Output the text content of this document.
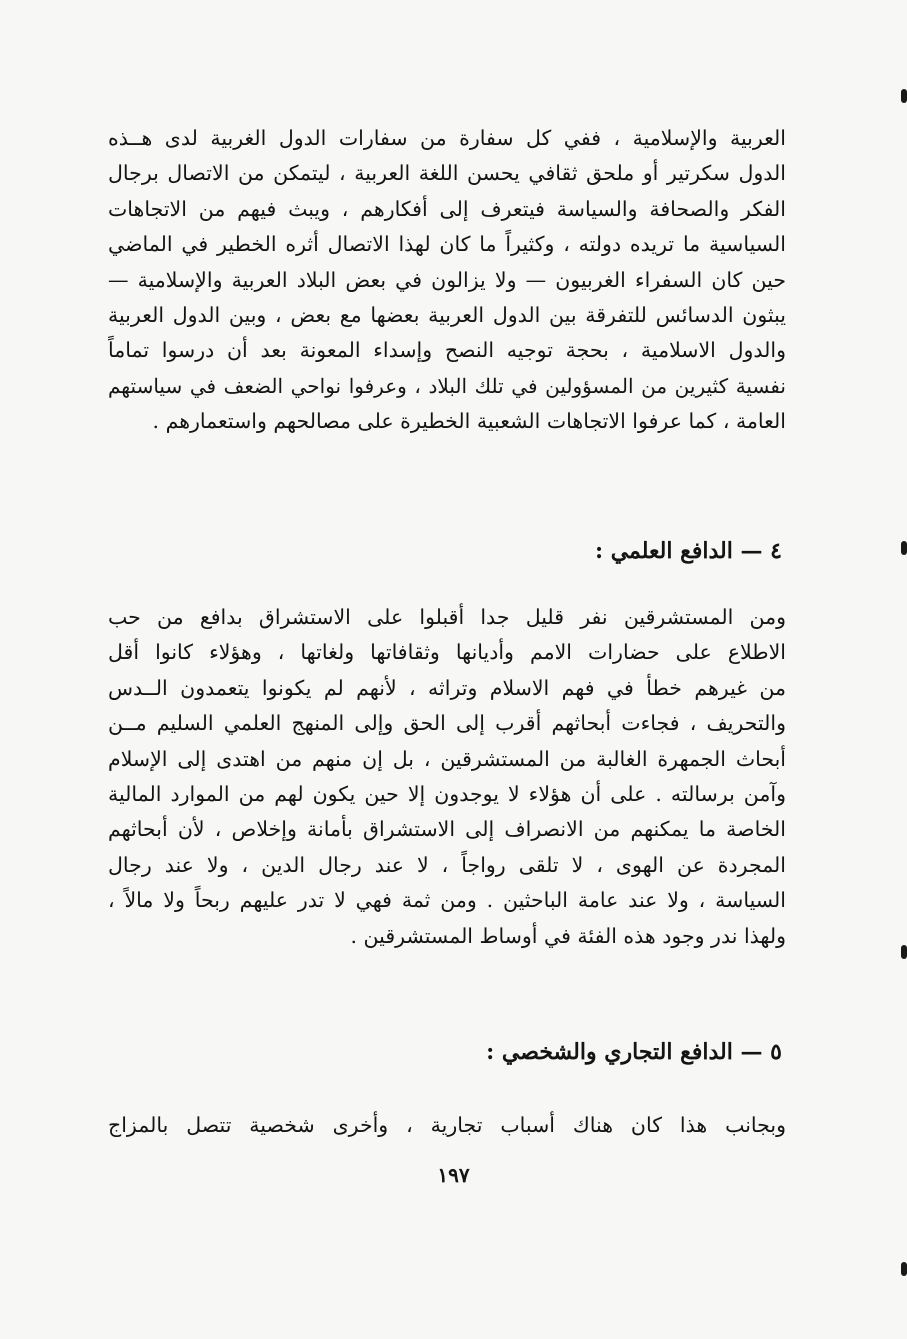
العربية والإسلامية ، ففي كل سفارة من سفارات الدول الغربية لدى هــذه
الدول سكرتير أو ملحق ثقافي يحسن اللغة العربية ، ليتمكن من الاتصال برجال
الفكر والصحافة والسياسة فيتعرف إلى أفكارهم ، ويبث فيهم من الاتجاهات
السياسية ما تريده دولته ، وكثيراً ما كان لهذا الاتصال أثره الخطير في الماضي
حين كان السفراء الغربيون — ولا يزالون في بعض البلاد العربية والإسلامية —
يبثون الدسائس للتفرقة بين الدول العربية بعضها مع بعض ، وبين الدول العربية
والدول الاسلامية ، بحجة توجيه النصح وإسداء المعونة بعد أن درسوا تماماً
نفسية كثيرين من المسؤولين في تلك البلاد ، وعرفوا نواحي الضعف في سياستهم
العامة ، كما عرفوا الاتجاهات الشعبية الخطيرة على مصالحهم واستعمارهم .
٤ — الدافع العلمي :
ومن المستشرقين نفر قليل جدا أقبلوا على الاستشراق بدافع من حب
الاطلاع على حضارات الامم وأديانها وثقافاتها ولغاتها ، وهؤلاء كانوا أقل
من غيرهم خطأ في فهم الاسلام وتراثه ، لأنهم لم يكونوا يتعمدون الــدس
والتحريف ، فجاءت أبحاثهم أقرب إلى الحق وإلى المنهج العلمي السليم مــن
أبحاث الجمهرة الغالبة من المستشرقين ، بل إن منهم من اهتدى إلى الإسلام
وآمن برسالته . على أن هؤلاء لا يوجدون إلا حين يكون لهم من الموارد المالية
الخاصة ما يمكنهم من الانصراف إلى الاستشراق بأمانة وإخلاص ، لأن أبحاثهم
المجردة عن الهوى ، لا تلقى رواجاً ، لا عند رجال الدين ، ولا عند رجال
السياسة ، ولا عند عامة الباحثين . ومن ثمة فهي لا تدر عليهم ربحاً ولا مالاً ،
ولهذا ندر وجود هذه الفئة في أوساط المستشرقين .
٥ — الدافع التجاري والشخصي :
وبجانب هذا كان هناك أسباب تجارية ، وأخرى شخصية تتصل بالمزاج
١٩٧
